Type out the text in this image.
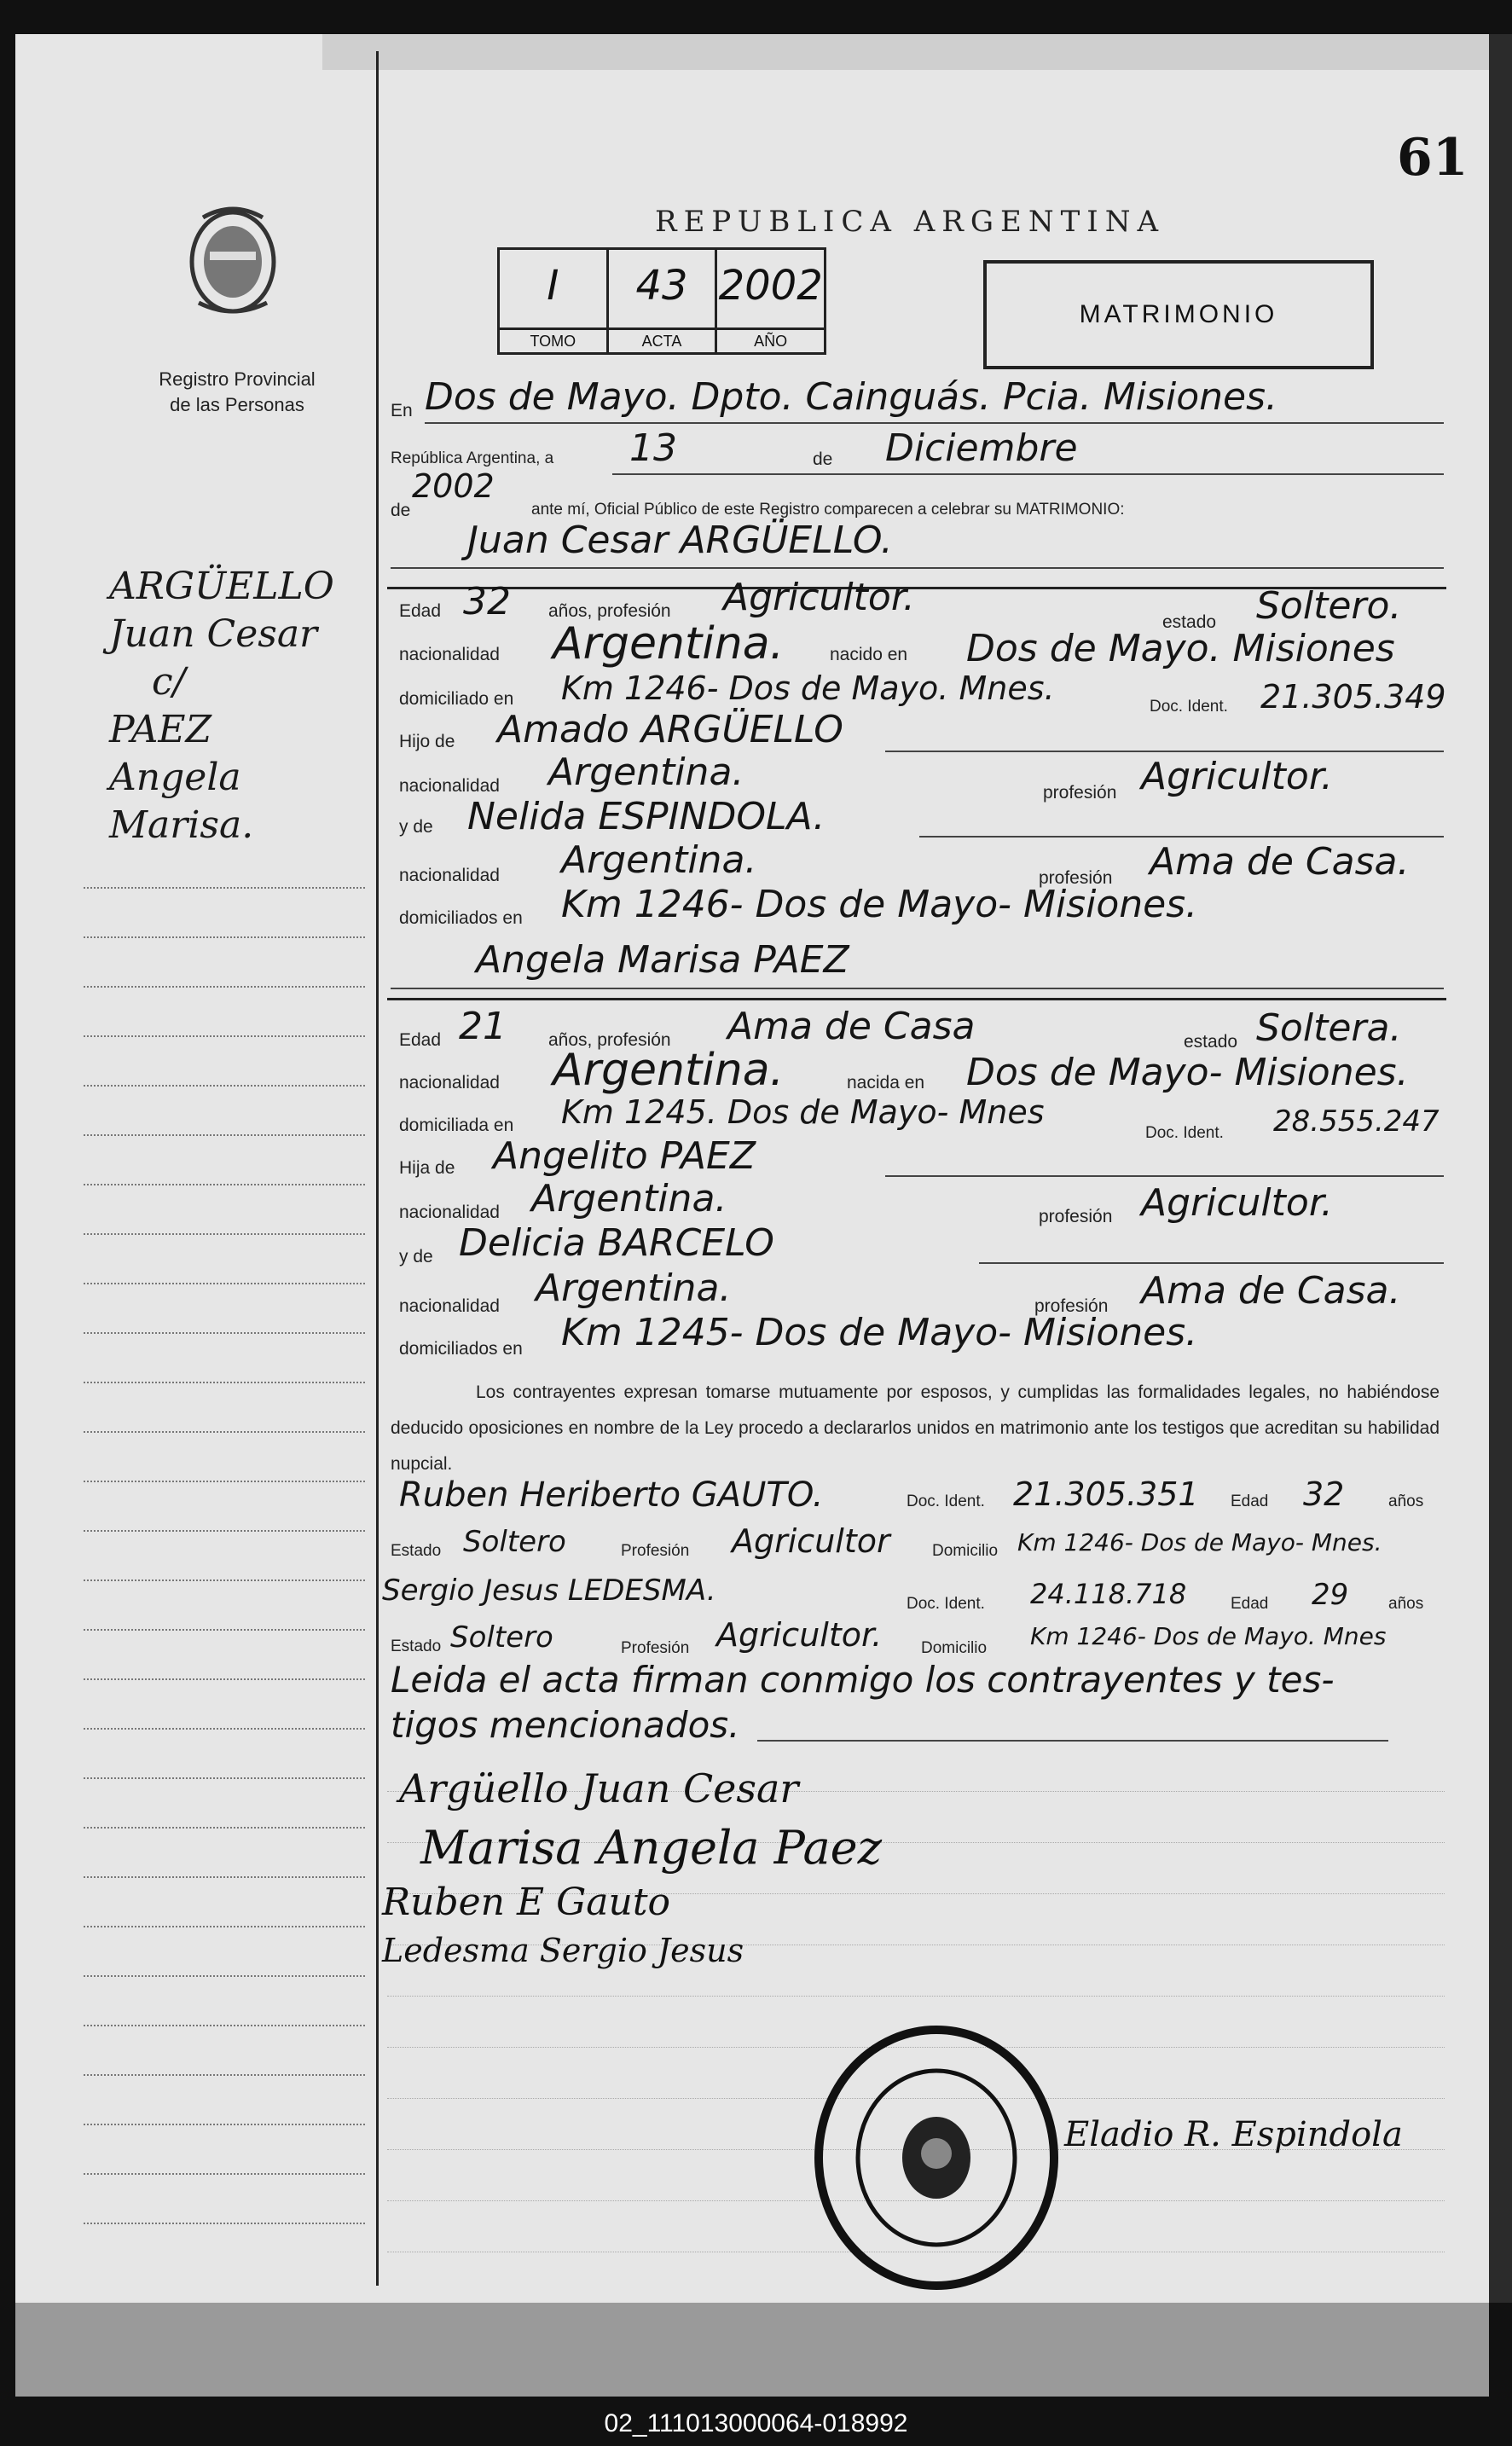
Registro Provincial
de las Personas
ARGÜELLO
Juan Cesar
c/
PAEZ
Angela
Marisa.
61
REPUBLICA ARGENTINA
I
TOMO
43
ACTA
2002
AÑO
MATRIMONIO
En Dos de Mayo. Dpto. Cainguás. Pcia. Misiones.
República Argentina, a 13	de Diciembre
de
2002
ante mí, Oficial Público de este Registro comparecen a celebrar su MATRIMONIO:
Juan Cesar ARGÜELLO.
Edad 32 años, profesión Agricultor.
estado Soltero.
nacionalidad Argentina.	nacido en Dos de Mayo. Misiones
domiciliado en Km 1246- Dos de Mayo. Mnes.	Doc. Ident. 21.305.349
Hijo de Amado ARGÜELLO
nacionalidad Argentina.	profesión Agricultor.
y de Nelida ESPINDOLA.
nacionalidad Argentina.	profesión Ama de Casa.
domiciliados en Km 1246- Dos de Mayo- Misiones.
Angela Marisa PAEZ
Edad 21 años, profesión Ama de Casa	estado Soltera.
nacionalidad Argentina.	nacida en Dos de Mayo- Misiones.
domiciliada en Km 1245. Dos de Mayo- Mnes
Doc. Ident. 28.555.247
Hija de Angelito PAEZ
nacionalidad Argentina.	profesión Agricultor.
y de Delicia BARCELO
nacionalidad Argentina.	profesión Ama de Casa.
domiciliados en Km 1245- Dos de Mayo- Misiones.
Los contrayentes expresan tomarse mutuamente por esposos, y cumplidas las formalidades legales, no habiéndose deducido oposiciones en nombre de la Ley procedo a declararlos unidos en matrimonio ante los testigos que acreditan su habilidad nupcial.
Ruben Heriberto GAUTO.	Doc. Ident. 21.305.351 Edad 32	años
Estado Soltero	Profesión Agricultor	Domicilio Km 1246- Dos de Mayo- Mnes.
Sergio Jesus LEDESMA.	Doc. Ident. 24.118.718	Edad 29 años
Estado Soltero	Profesión Agricultor. Domicilio Km 1246- Dos de Mayo. Mnes
Leida el acta firman conmigo los contrayentes y tes-
tigos mencionados.
Argüello Juan Cesar
Marisa Angela Paez
Ruben E Gauto
Ledesma Sergio Jesus
Eladio R. Espindola
02_111013000064-018992
